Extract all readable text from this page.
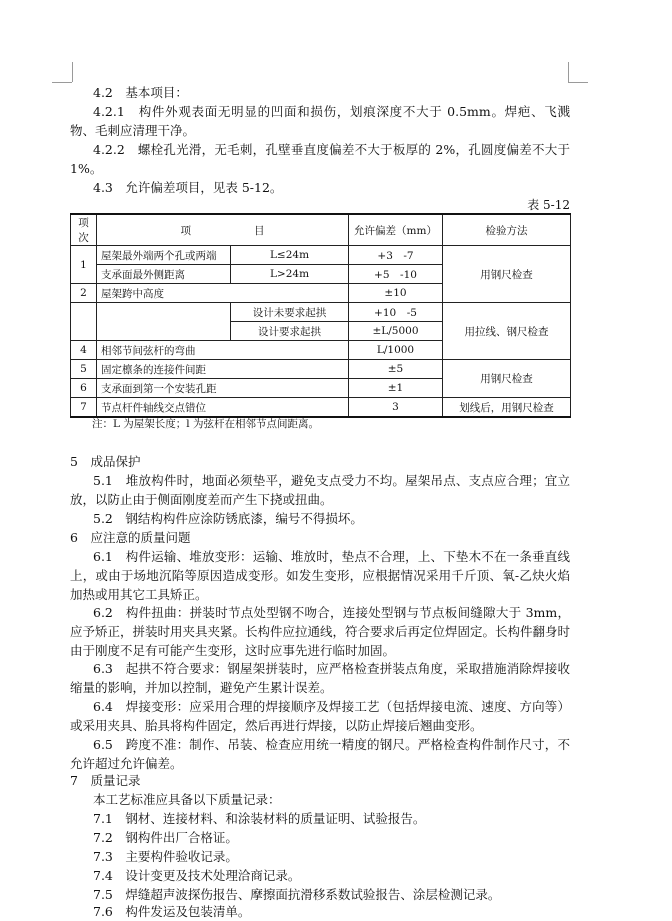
4.2　基本项目：
4.2.1　构件外观表面无明显的凹面和损伤，划痕深度不大于 0.5mm。焊疤、飞溅物、毛刺应清理干净。
4.2.2　螺栓孔光滑，无毛刺，孔壁垂直度偏差不大于板厚的 2%，孔圆度偏差不大于 1%。
4.3　允许偏差项目，见表 5-12。
表 5-12
项次	项　　　　　　目		允许偏差（mm）	检验方法
1	屋架最外端两个孔或两端	L≤24m	+3　-7	用钢尺检查
	支承面最外侧距离	L>24m	+5　-10	
2	屋架跨中高度		±10	
		设计未要求起拱	+10　-5	用拉线、钢尺检查
		设计要求起拱	±L/5000	
4	相邻节间弦杆的弯曲		L/1000	
5	固定檩条的连接件间距		±5	用钢尺检查
6	支承面到第一个安装孔距		±1	
7	节点杆件轴线交点错位		3	划线后，用钢尺检查
注：L 为屋架长度；l 为弦杆在相邻节点间距离。
5　成品保护
5.1　堆放构件时，地面必须垫平，避免支点受力不均。屋架吊点、支点应合理；宜立放，以防止由于侧面刚度差而产生下挠或扭曲。
5.2　钢结构构件应涂防锈底漆，编号不得损坏。
6　应注意的质量问题
6.1　构件运输、堆放变形：运输、堆放时，垫点不合理，上、下垫木不在一条垂直线上，或由于场地沉陷等原因造成变形。如发生变形，应根据情况采用千斤顶、氧-乙炔火焰加热或用其它工具矫正。
6.2　构件扭曲：拼装时节点处型钢不吻合，连接处型钢与节点板间缝隙大于 3mm，应予矫正，拼装时用夹具夹紧。长构件应拉通线，符合要求后再定位焊固定。长构件翻身时由于刚度不足有可能产生变形，这时应事先进行临时加固。
6.3　起拱不符合要求：钢屋架拼装时，应严格检查拼装点角度，采取措施消除焊接收缩量的影响，并加以控制，避免产生累计误差。
6.4　焊接变形：应采用合理的焊接顺序及焊接工艺（包括焊接电流、速度、方向等）或采用夹具、胎具将构件固定，然后再进行焊接，以防止焊接后翘曲变形。
6.5　跨度不准：制作、吊装、检查应用统一精度的钢尺。严格检查构件制作尺寸，不允许超过允许偏差。
7　质量记录
本工艺标准应具备以下质量记录：
7.1　钢材、连接材料、和涂装材料的质量证明、试验报告。
7.2　钢构件出厂合格证。
7.3　主要构件验收记录。
7.4　设计变更及技术处理洽商记录。
7.5　焊缝超声波探伤报告、摩擦面抗滑移系数试验报告、涂层检测记录。
7.6　构件发运及包装清单。
